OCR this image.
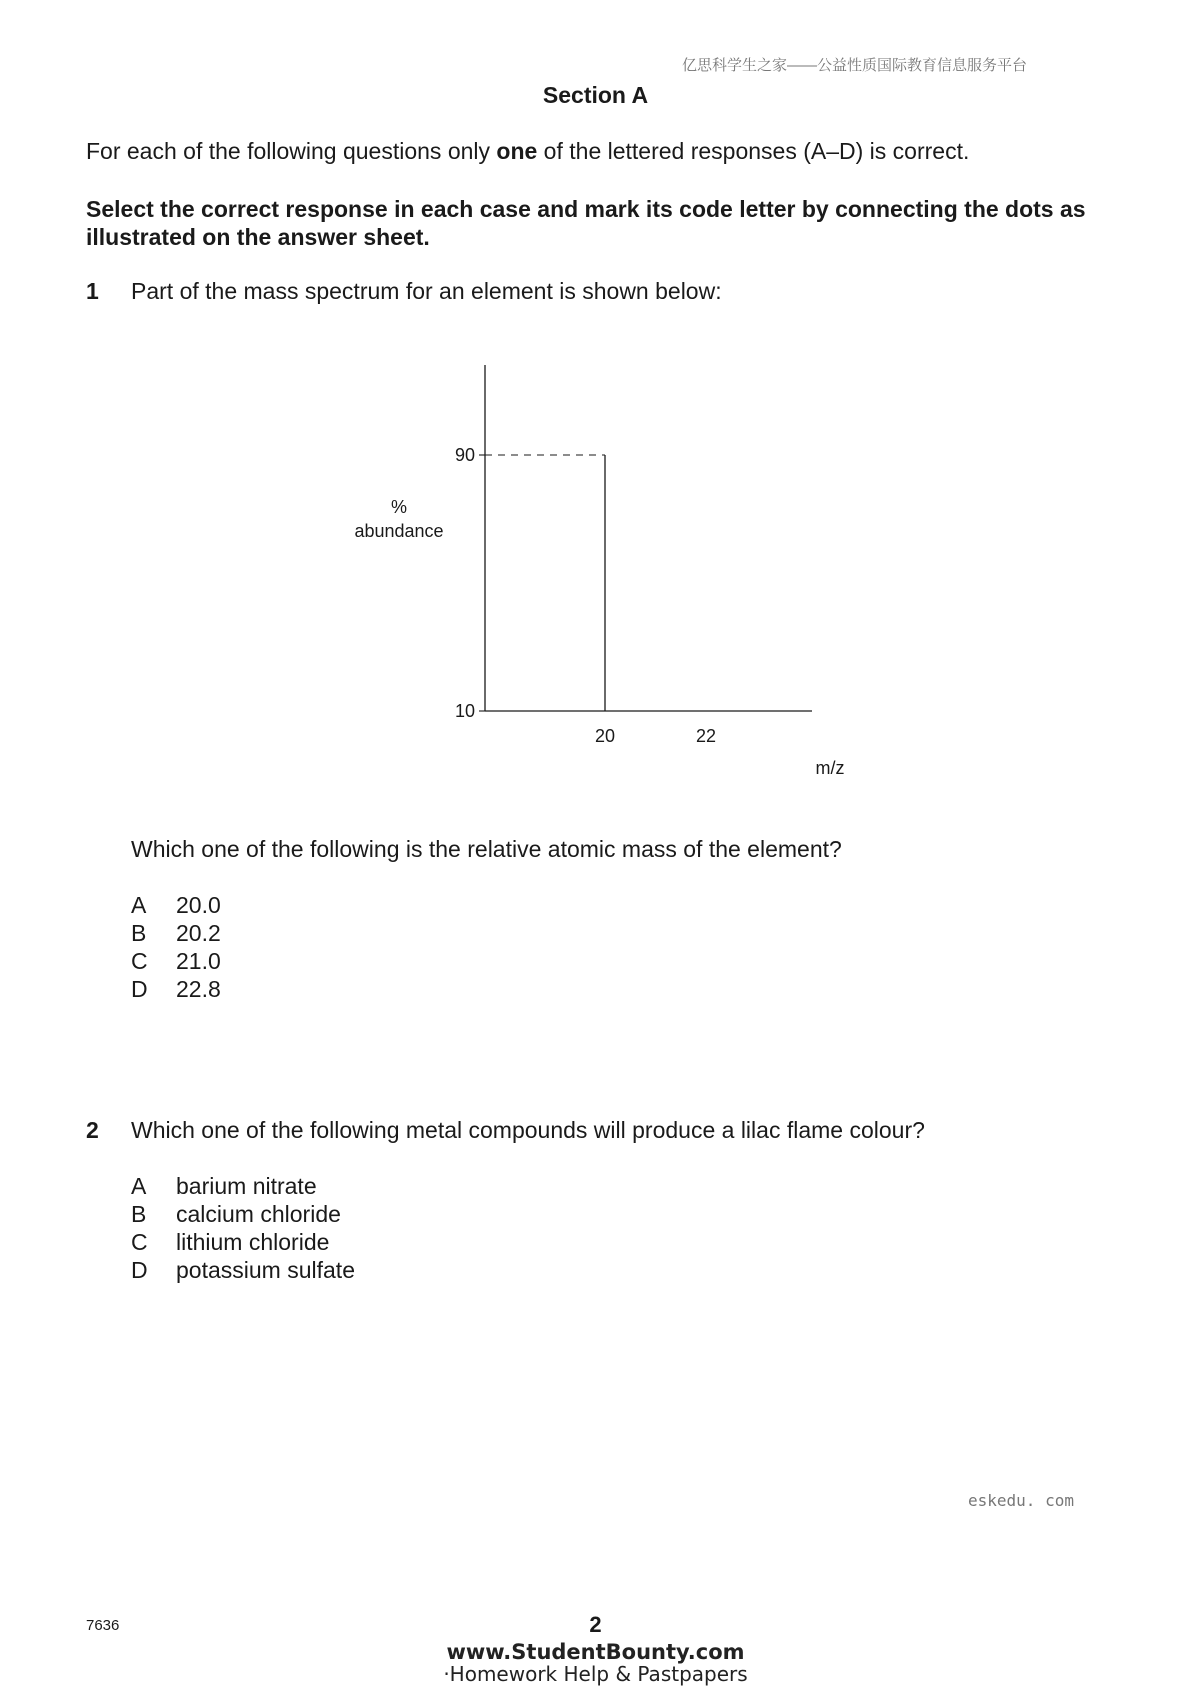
亿思科学生之家——公益性质国际教育信息服务平台
Section A
For each of the following questions only one of the lettered responses (A–D) is correct.
Select the correct response in each case and mark its code letter by connecting the dots as illustrated on the answer sheet.
1 Part of the mass spectrum for an element is shown below:
90
20
10
22
%
abundance
m/z
Which one of the following is the relative atomic mass of the element?
A 20.0
B 20.2
C 21.0
D 22.8
2 Which one of the following metal compounds will produce a lilac flame colour?
A barium nitrate
B calcium chloride
C lithium chloride
D potassium sulfate
eskedu. com
7636	2
www.StudentBounty.com
·Homework Help & Pastpapers
